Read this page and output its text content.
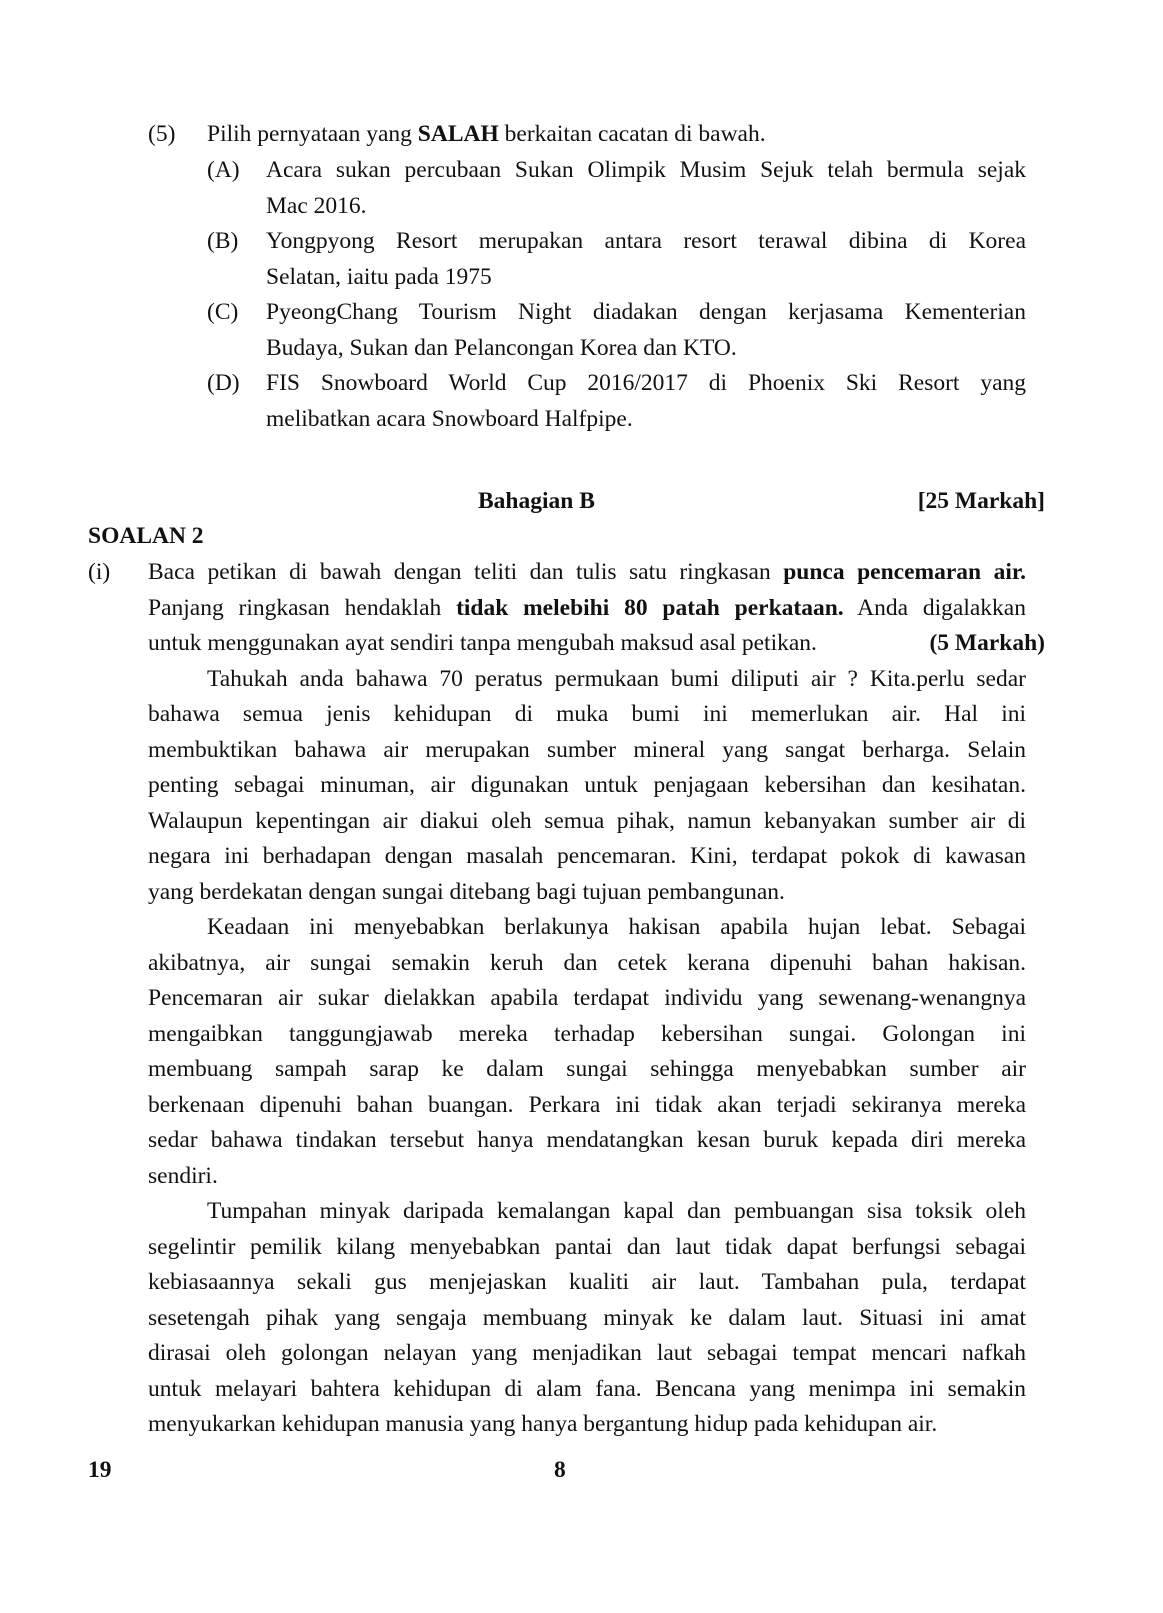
(5) Pilih pernyataan yang SALAH berkaitan cacatan di bawah.
(A) Acara sukan percubaan Sukan Olimpik Musim Sejuk telah bermula sejak
Mac 2016.
(B) Yongpyong Resort merupakan antara resort terawal dibina di Korea
Selatan, iaitu pada 1975
(C) PyeongChang Tourism Night diadakan dengan kerjasama Kementerian
Budaya, Sukan dan Pelancongan Korea dan KTO.
(D) FIS Snowboard World Cup 2016/2017 di Phoenix Ski Resort yang
melibatkan acara Snowboard Halfpipe.
Bahagian B	[25 Markah]
SOALAN 2
(i) Baca petikan di bawah dengan teliti dan tulis satu ringkasan punca pencemaran air.
Panjang ringkasan hendaklah tidak melebihi 80 patah perkataan. Anda digalakkan
untuk menggunakan ayat sendiri tanpa mengubah maksud asal petikan.	(5 Markah)
Tahukah anda bahawa 70 peratus permukaan bumi diliputi air ? Kita.perlu sedar
bahawa semua jenis kehidupan di muka bumi ini memerlukan air. Hal ini
membuktikan bahawa air merupakan sumber mineral yang sangat berharga. Selain
penting sebagai minuman, air digunakan untuk penjagaan kebersihan dan kesihatan.
Walaupun kepentingan air diakui oleh semua pihak, namun kebanyakan sumber air di
negara ini berhadapan dengan masalah pencemaran. Kini, terdapat pokok di kawasan
yang berdekatan dengan sungai ditebang bagi tujuan pembangunan.
Keadaan ini menyebabkan berlakunya hakisan apabila hujan lebat. Sebagai
akibatnya, air sungai semakin keruh dan cetek kerana dipenuhi bahan hakisan.
Pencemaran air sukar dielakkan apabila terdapat individu yang sewenang-wenangnya
mengaibkan tanggungjawab mereka terhadap kebersihan sungai. Golongan ini
membuang sampah sarap ke dalam sungai sehingga menyebabkan sumber air
berkenaan dipenuhi bahan buangan. Perkara ini tidak akan terjadi sekiranya mereka
sedar bahawa tindakan tersebut hanya mendatangkan kesan buruk kepada diri mereka
sendiri.
Tumpahan minyak daripada kemalangan kapal dan pembuangan sisa toksik oleh
segelintir pemilik kilang menyebabkan pantai dan laut tidak dapat berfungsi sebagai
kebiasaannya sekali gus menjejaskan kualiti air laut. Tambahan pula, terdapat
sesetengah pihak yang sengaja membuang minyak ke dalam laut. Situasi ini amat
dirasai oleh golongan nelayan yang menjadikan laut sebagai tempat mencari nafkah
untuk melayari bahtera kehidupan di alam fana. Bencana yang menimpa ini semakin
menyukarkan kehidupan manusia yang hanya bergantung hidup pada kehidupan air.
19	8
